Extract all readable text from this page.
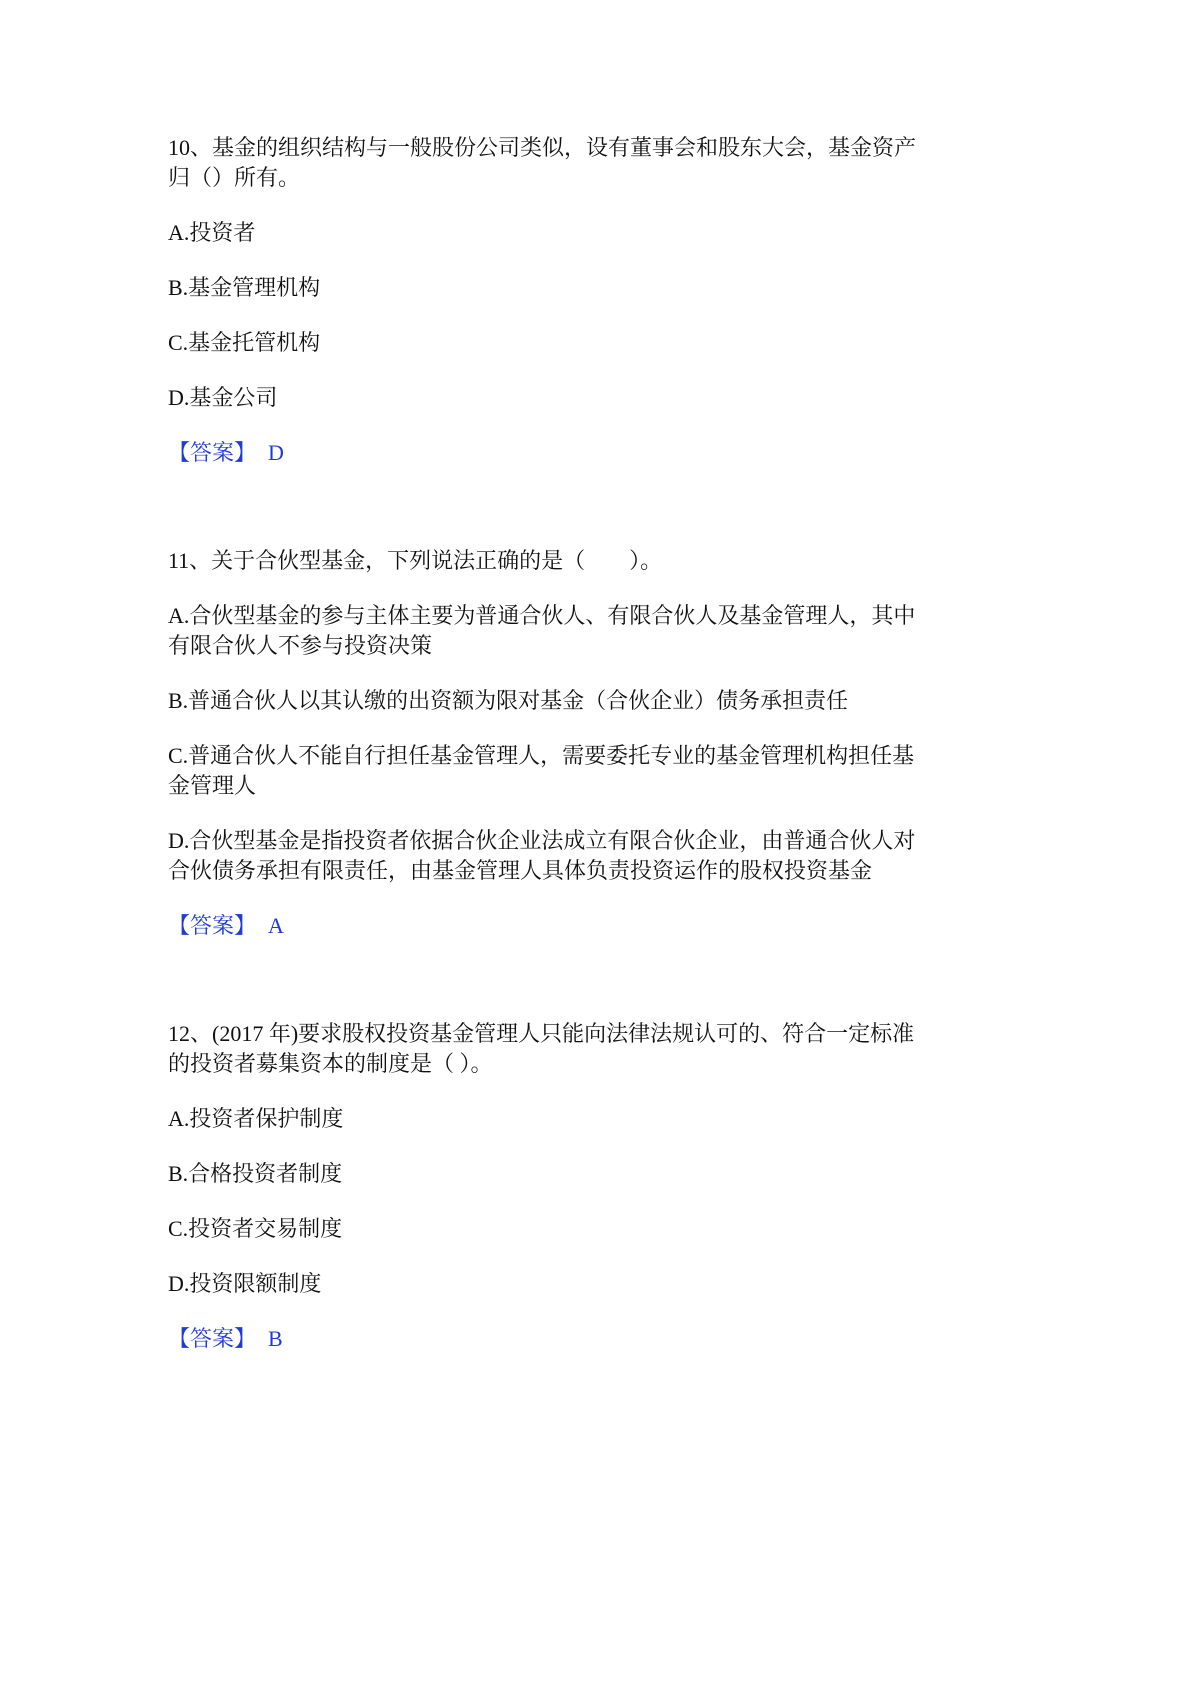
10、基金的组织结构与一般股份公司类似，设有董事会和股东大会，基金资产
归（）所有。
A.投资者
B.基金管理机构
C.基金托管机构
D.基金公司
【答案】 D
11、关于合伙型基金，下列说法正确的是（　　）。
A.合伙型基金的参与主体主要为普通合伙人、有限合伙人及基金管理人，其中
有限合伙人不参与投资决策
B.普通合伙人以其认缴的出资额为限对基金（合伙企业）债务承担责任
C.普通合伙人不能自行担任基金管理人，需要委托专业的基金管理机构担任基
金管理人
D.合伙型基金是指投资者依据合伙企业法成立有限合伙企业，由普通合伙人对
合伙债务承担有限责任，由基金管理人具体负责投资运作的股权投资基金
【答案】 A
12、(2017 年)要求股权投资基金管理人只能向法律法规认可的、符合一定标准
的投资者募集资本的制度是（ ）。
A.投资者保护制度
B.合格投资者制度
C.投资者交易制度
D.投资限额制度
【答案】 B
